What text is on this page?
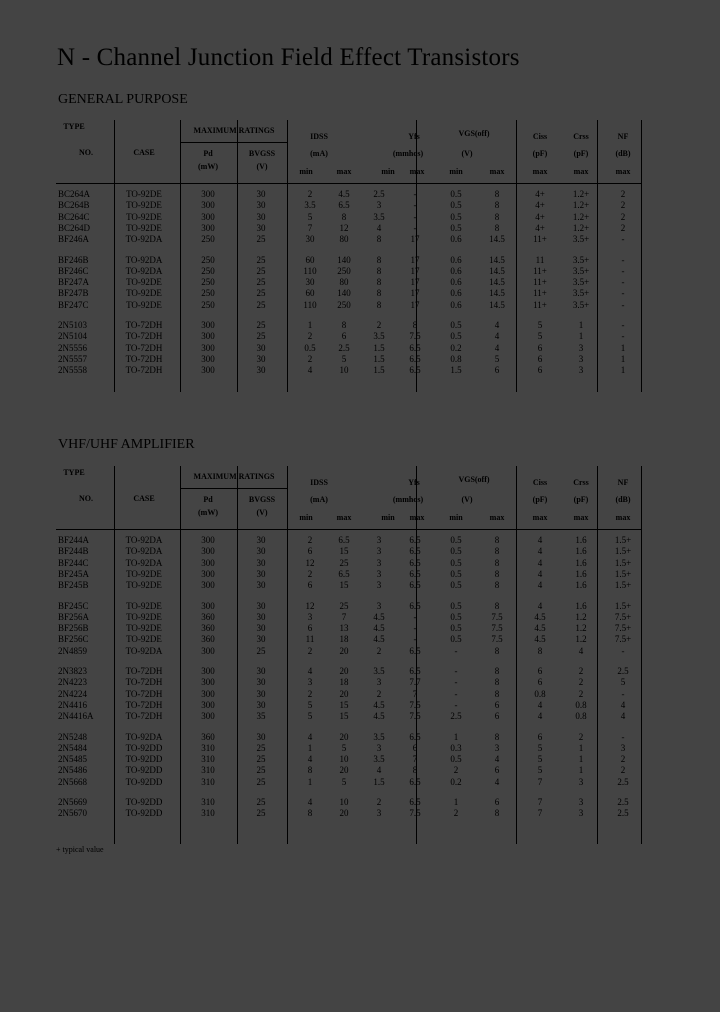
N - Channel Junction Field Effect Transistors
GENERAL PURPOSE
VHF/UHF AMPLIFIER
TYPE
NO.	CASE
MAXIMUM RATINGS
Pd
(mW)
BVGSS
(V)
IDSS
(mA)
min	max
Yfs
(mmhos)
min max
VGS(off)
(V)
min	max
Ciss
(pF)
max
Crss
(pF)
max
NF
(dB)
max
BC264A	TO-92DE	300	30	2	4.5	2.5	-	0.5	8	4+	1.2+	2
BC264B	TO-92DE	300	30	3.5	6.5	3	-	0.5	8	4+	1.2+	2
BC264C	TO-92DE	300	30	5	8	3.5	-	0.5	8	4+	1.2+	2
BC264D	TO-92DE	300	30	7	12	4	-	0.5	8	4+	1.2+	2
BF246A	TO-92DA	250	25	30	80	8	17	0.6	14.5	11+	3.5+	-
BF246B	TO-92DA	250	25	60	140	8	17	0.6	14.5	11	3.5+	-
BF246C	TO-92DA	250	25	110 250	8	17	0.6	14.5	11+	3.5+	-
BF247A	TO-92DE	250	25	30	80	8	17	0.6	14.5	11+	3.5+	-
BF247B	TO-92DE	250	25	60	140	8	17	0.6	14.5	11+	3.5+	-
BF247C	TO-92DE	250	25	110 250	8	17	0.6	14.5	11+	3.5+	-
2N5103	TO-72DH	300	25	1	8	2	8	0.5	4	5	1	-
2N5104	TO-72DH	300	25	2	6	3.5	7.5	0.5	4	5	1	-
2N5556	TO-72DH	300	30	0.5	2.5	1.5	6.5	0.2	4	6	3	1
2N5557	TO-72DH	300	30	2	5	1.5	6.5	0.8	5	6	3	1
2N5558	TO-72DH	300	30	4	10	1.5	6.5	1.5	6	6	3	1
TYPE
NO.	CASE
MAXIMUM RATINGS
Pd
(mW)
BVGSS
(V)
IDSS
(mA)
min	max
Yfs
(mmhos)
min max
VGS(off)
(V)
min	max
Ciss
(pF)
max
Crss
(pF)
max
NF
(dB)
max
BF244A	TO-92DA	300	30	2	6.5	3	6.5	0.5	8	4	1.6	1.5+
BF244B	TO-92DA	300	30	6	15	3	6.5	0.5	8	4	1.6	1.5+
BF244C	TO-92DA	300	30	12	25	3	6.5	0.5	8	4	1.6	1.5+
BF245A	TO-92DE	300	30	2	6.5	3	6.5	0.5	8	4	1.6	1.5+
BF245B	TO-92DE	300	30	6	15	3	6.5	0.5	8	4	1.6	1.5+
BF245C	TO-92DE	300	30	12	25	3	6.5	0.5	8	4	1.6	1.5+
BF256A	TO-92DE	360	30	3	7	4.5	-	0.5	7.5	4.5	1.2	7.5+
BF256B	TO-92DE	360	30	6	13	4.5	-	0.5	7.5	4.5	1.2	7.5+
BF256C	TO-92DE	360	30	11	18	4.5	-	0.5	7.5	4.5	1.2	7.5+
2N4859	TO-92DA	300	25	2	20	2	6.5	-	8	8	4	-
2N3823	TO-72DH	300	30	4	20	3.5	6.5	-	8	6	2	2.5
2N4223	TO-72DH	300	30	3	18	3	7.7	-	8	6	2	5
2N4224	TO-72DH	300	30	2	20	2	7	-	8	0.8	2	-
2N4416	TO-72DH	300	30	5	15	4.5	7.5	-	6	4	0.8	4
2N4416A	TO-72DH	300	35	5	15	4.5	7.5	2.5	6	4	0.8	4
2N5248	TO-92DA	360	30	4	20	3.5	6.5	1	8	6	2	-
2N5484	TO-92DD	310	25	1	5	3	6	0.3	3	5	1	3
2N5485	TO-92DD	310	25	4	10	3.5	7	0.5	4	5	1	2
2N5486	TO-92DD	310	25	8	20	4	8	2	6	5	1	2
2N5668	TO-92DD	310	25	1	5	1.5	6.5	0.2	4	7	3	2.5
2N5669	TO-92DD	310	25	4	10	2	6.5	1	6	7	3	2.5
2N5670	TO-92DD	310	25	8	20	3	7.5	2	8	7	3	2.5
+ typical value
